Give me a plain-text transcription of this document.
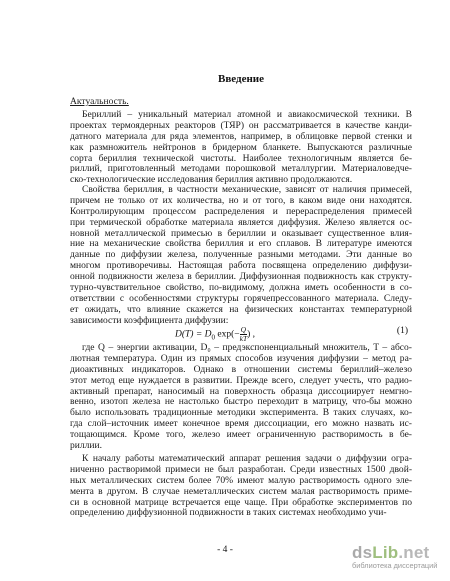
Введение
Актуальность.
Бериллий – уникальный материал атомной и авиакосмической техники. В
проектах термоядерных реакторов (ТЯР) он рассматривается в качестве канди-
датного материала для ряда элементов, например, в облицовке первой стенки и
как размножитель нейтронов в бридерном бланкете. Выпускаются различные
сорта бериллия технической чистоты. Наиболее технологичным является бе-
риллий, приготовленный методами порошковой металлургии. Материаловедче-
ско-технологические исследования бериллия активно продолжаются.
Свойства бериллия, в частности механические, зависят от наличия примесей,
причем не только от их количества, но и от того, в каком виде они находятся.
Контролирующим процессом распределения и перераспределения примесей
при термической обработке материала является диффузия. Железо является ос-
новной металлической примесью в бериллии и оказывает существенное влия-
ние на механические свойства бериллия и его сплавов. В литературе имеются
данные по диффузии железа, полученные разными методами. Эти данные во
многом противоречивы. Настоящая работа посвящена определению диффузи-
онной подвижности железа в бериллии. Диффузионная подвижность как структу-
турно-чувствительное свойство, по-видимому, должна иметь особенности в со-
ответствии с особенностями структуры горячепрессованного материала. Следу-
ет ожидать, что влияние скажется на физических константах температурной
зависимости коэффициента диффузии:
$D(T) = D_0$ $\exp(- \frac{Q}{kT}$ ) ,	(1)
где Q – энергии активации, D₀ – предэкспоненциальный множитель, T – абсо-
лютная температура. Один из прямых способов изучения диффузии – метод ра-
диоактивных индикаторов. Однако в отношении системы бериллий–железо
этот метод еще нуждается в развитии. Прежде всего, следует учесть, что радио-
активный препарат, наносимый на поверхность образца диссоциирует немгно-
венно, изотоп железа не настолько быстро переходит в матрицу, что-бы можно
было использовать традиционные методики эксперимента. В таких случаях, ко-
гда слой–источник имеет конечное время диссоциации, его можно назвать ис-
тощающимся. Кроме того, железо имеет ограниченную растворимость в бе-
риллии.
К началу работы математический аппарат решения задачи о диффузии огра-
ниченно растворимой примеси не был разработан. Среди известных 1500 двой-
ных металлических систем более 70% имеют малую растворимость одного эле-
мента в другом. В случае неметаллических систем малая растворимость приме-
си в основной матрице встречается еще чаще. При обработке экспериментов по
определению диффузионной подвижности в таких системах необходимо учи-
- 4 -	dsLib.net
библиотека диссертаций
